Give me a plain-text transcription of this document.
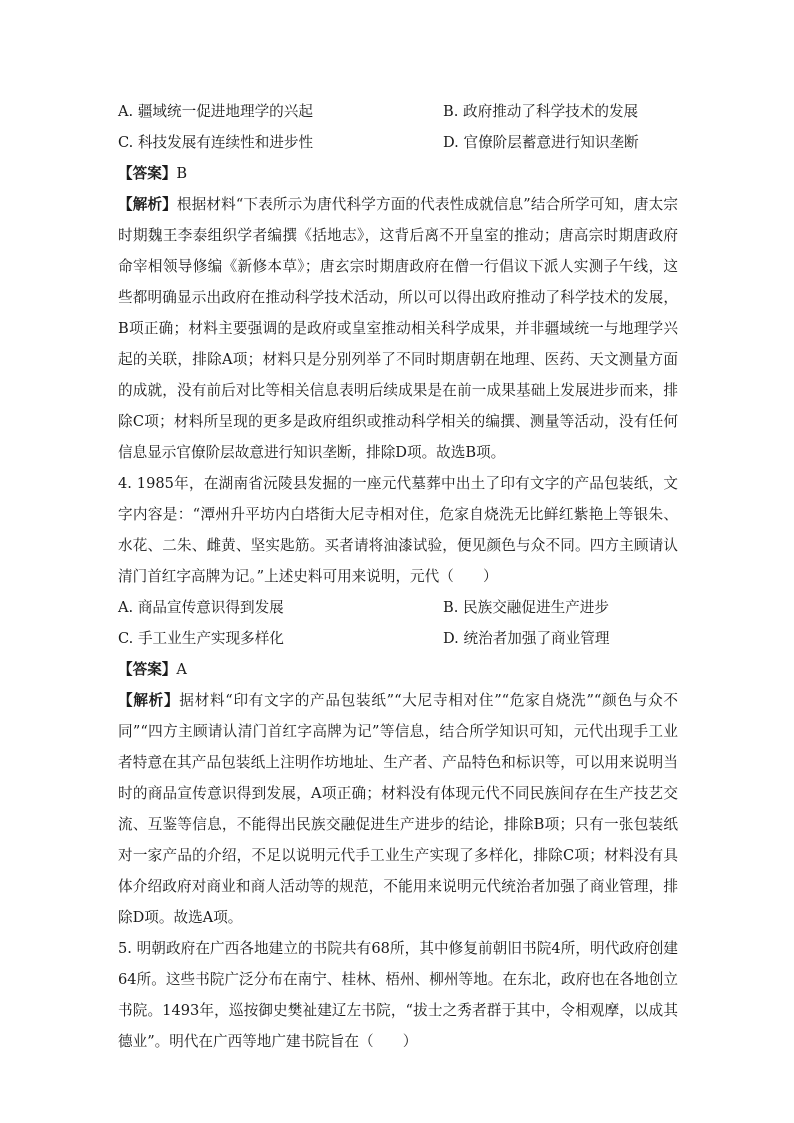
A. 疆域统一促进地理学的兴起	B. 政府推动了科学技术的发展
C. 科技发展有连续性和进步性	D. 官僚阶层蓄意进行知识垄断
【答案】B
【解析】根据材料“下表所示为唐代科学方面的代表性成就信息”结合所学可知，唐太宗时期魏王李泰组织学者编撰《括地志》，这背后离不开皇室的推动；唐高宗时期唐政府命宰相领导修编《新修本草》；唐玄宗时期唐政府在僧一行倡议下派人实测子午线，这些都明确显示出政府在推动科学技术活动，所以可以得出政府推动了科学技术的发展，B项正确；材料主要强调的是政府或皇室推动相关科学成果，并非疆域统一与地理学兴起的关联，排除A项；材料只是分别列举了不同时期唐朝在地理、医药、天文测量方面的成就，没有前后对比等相关信息表明后续成果是在前一成果基础上发展进步而来，排除C项；材料所呈现的更多是政府组织或推动科学相关的编撰、测量等活动，没有任何信息显示官僚阶层故意进行知识垄断，排除D项。故选B项。
4. 1985年，在湖南省沅陵县发掘的一座元代墓葬中出土了印有文字的产品包装纸，文字内容是：“潭州升平坊内白塔街大尼寺相对住，危家自烧洗无比鲜红紫艳上等银朱、水花、二朱、雌黄、坚实匙筋。买者请将油漆试验，便见颜色与众不同。四方主顾请认清门首红字高牌为记。”上述史料可用来说明，元代（　　）
A. 商品宣传意识得到发展	B. 民族交融促进生产进步
C. 手工业生产实现多样化	D. 统治者加强了商业管理
【答案】A
【解析】据材料“印有文字的产品包装纸”“大尼寺相对住”“危家自烧洗”“颜色与众不同”“四方主顾请认清门首红字高牌为记”等信息，结合所学知识可知，元代出现手工业者特意在其产品包装纸上注明作坊地址、生产者、产品特色和标识等，可以用来说明当时的商品宣传意识得到发展，A项正确；材料没有体现元代不同民族间存在生产技艺交流、互鉴等信息，不能得出民族交融促进生产进步的结论，排除B项；只有一张包装纸对一家产品的介绍，不足以说明元代手工业生产实现了多样化，排除C项；材料没有具体介绍政府对商业和商人活动等的规范，不能用来说明元代统治者加强了商业管理，排除D项。故选A项。
5. 明朝政府在广西各地建立的书院共有68所，其中修复前朝旧书院4所，明代政府创建64所。这些书院广泛分布在南宁、桂林、梧州、柳州等地。在东北，政府也在各地创立书院。1493年，巡按御史樊祉建辽左书院，“拔士之秀者群于其中，令相观摩，以成其德业”。明代在广西等地广建书院旨在（　　）
